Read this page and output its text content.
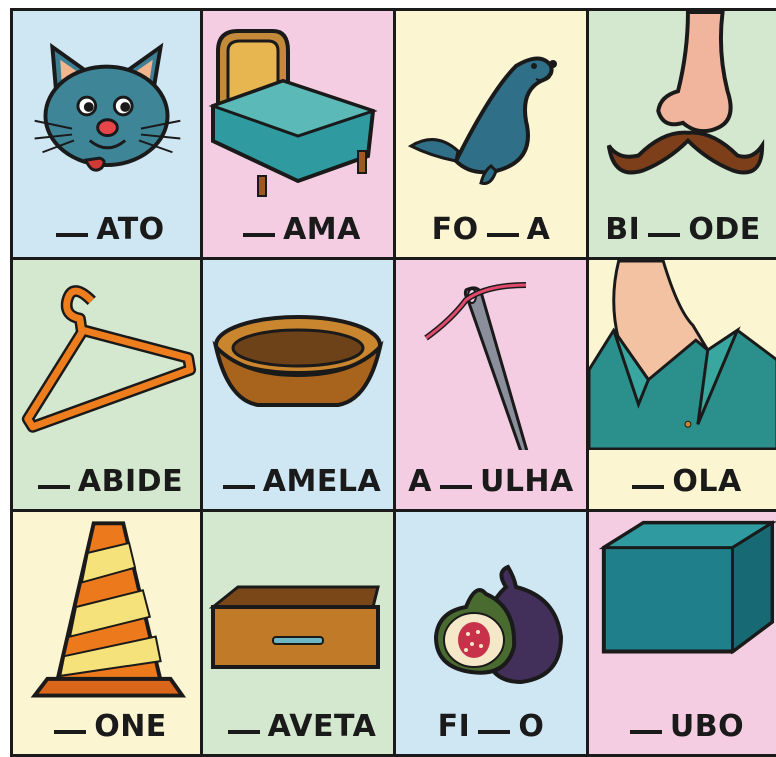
ATO	AMA	FO A	BI ODE
ABIDE	AMELA A ULHA	OLA
ONE	AVETA	FI O	UBO
